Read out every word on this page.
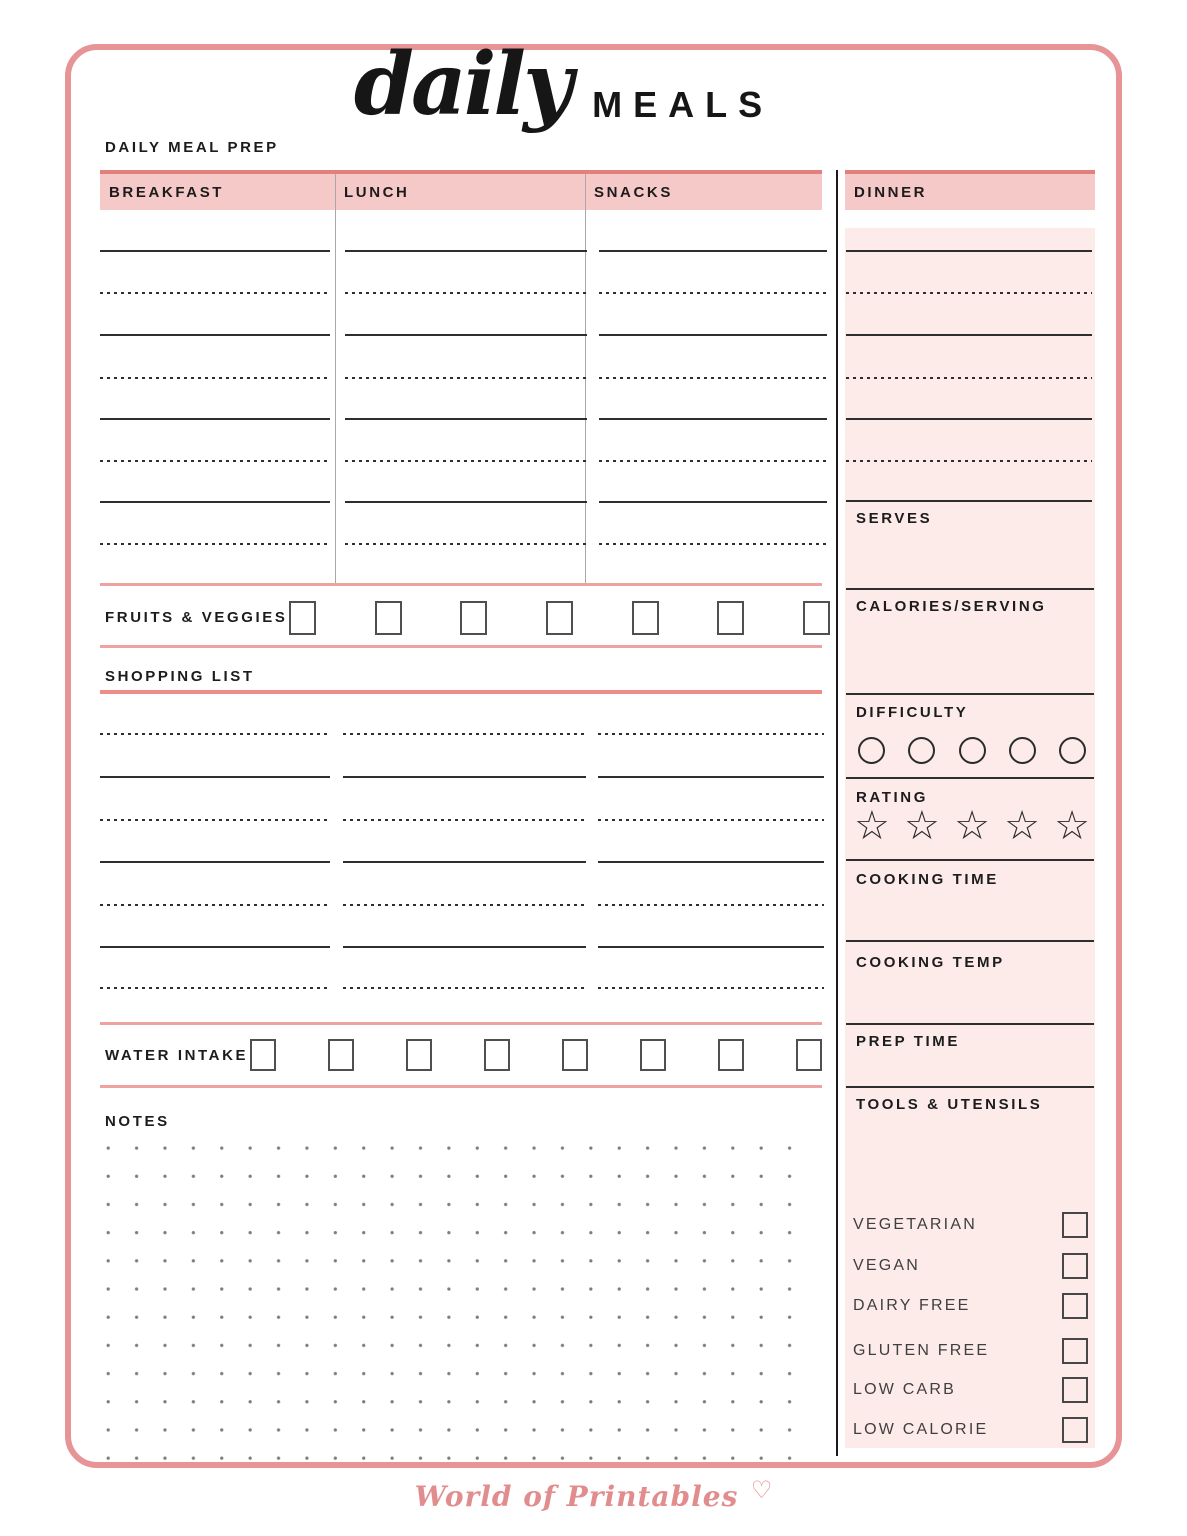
daily MEALS
DAILY MEAL PREP
BREAKFAST	LUNCH	SNACKS	DINNER
SERVES
CALORIES/SERVING
DIFFICULTY
RATING
☆ ☆ ☆ ☆ ☆
COOKING TIME
COOKING TEMP
PREP TIME
TOOLS & UTENSILS
VEGETARIAN
VEGAN
DAIRY FREE
GLUTEN FREE
LOW CARB
LOW CALORIE
FRUITS & VEGGIES
SHOPPING LIST
WATER INTAKE
NOTES
World of Printables ♡
